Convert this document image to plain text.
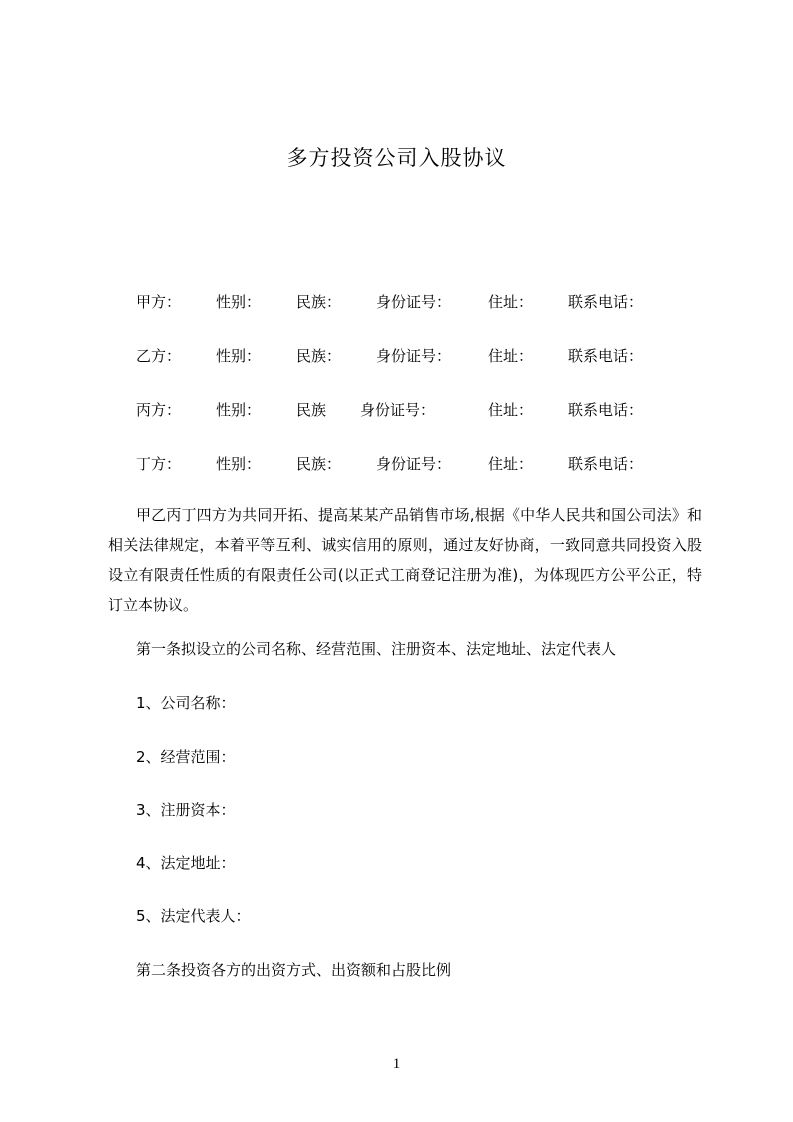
多方投资公司入股协议
甲方： 性别： 民族： 身份证号： 住址： 联系电话：
乙方： 性别： 民族： 身份证号： 住址： 联系电话：
丙方： 性别： 民族 身份证号：	住址： 联系电话：
丁方： 性别： 民族： 身份证号： 住址： 联系电话：

甲乙丙丁四方为共同开拓、提高某某产品销售市场,根据《中华人民共和国公司法》和相关法律规定，本着平等互利、诚实信用的原则，通过友好协商，一致同意共同投资入股设立有限责任性质的有限责任公司(以正式工商登记注册为准)，为体现匹方公平公正，特订立本协议。

第一条拟设立的公司名称、经营范围、注册资本、法定地址、法定代表人
1、公司名称：
2、经营范围：
3、注册资本：
4、法定地址：
5、法定代表人：
第二条投资各方的出资方式、出资额和占股比例
1
